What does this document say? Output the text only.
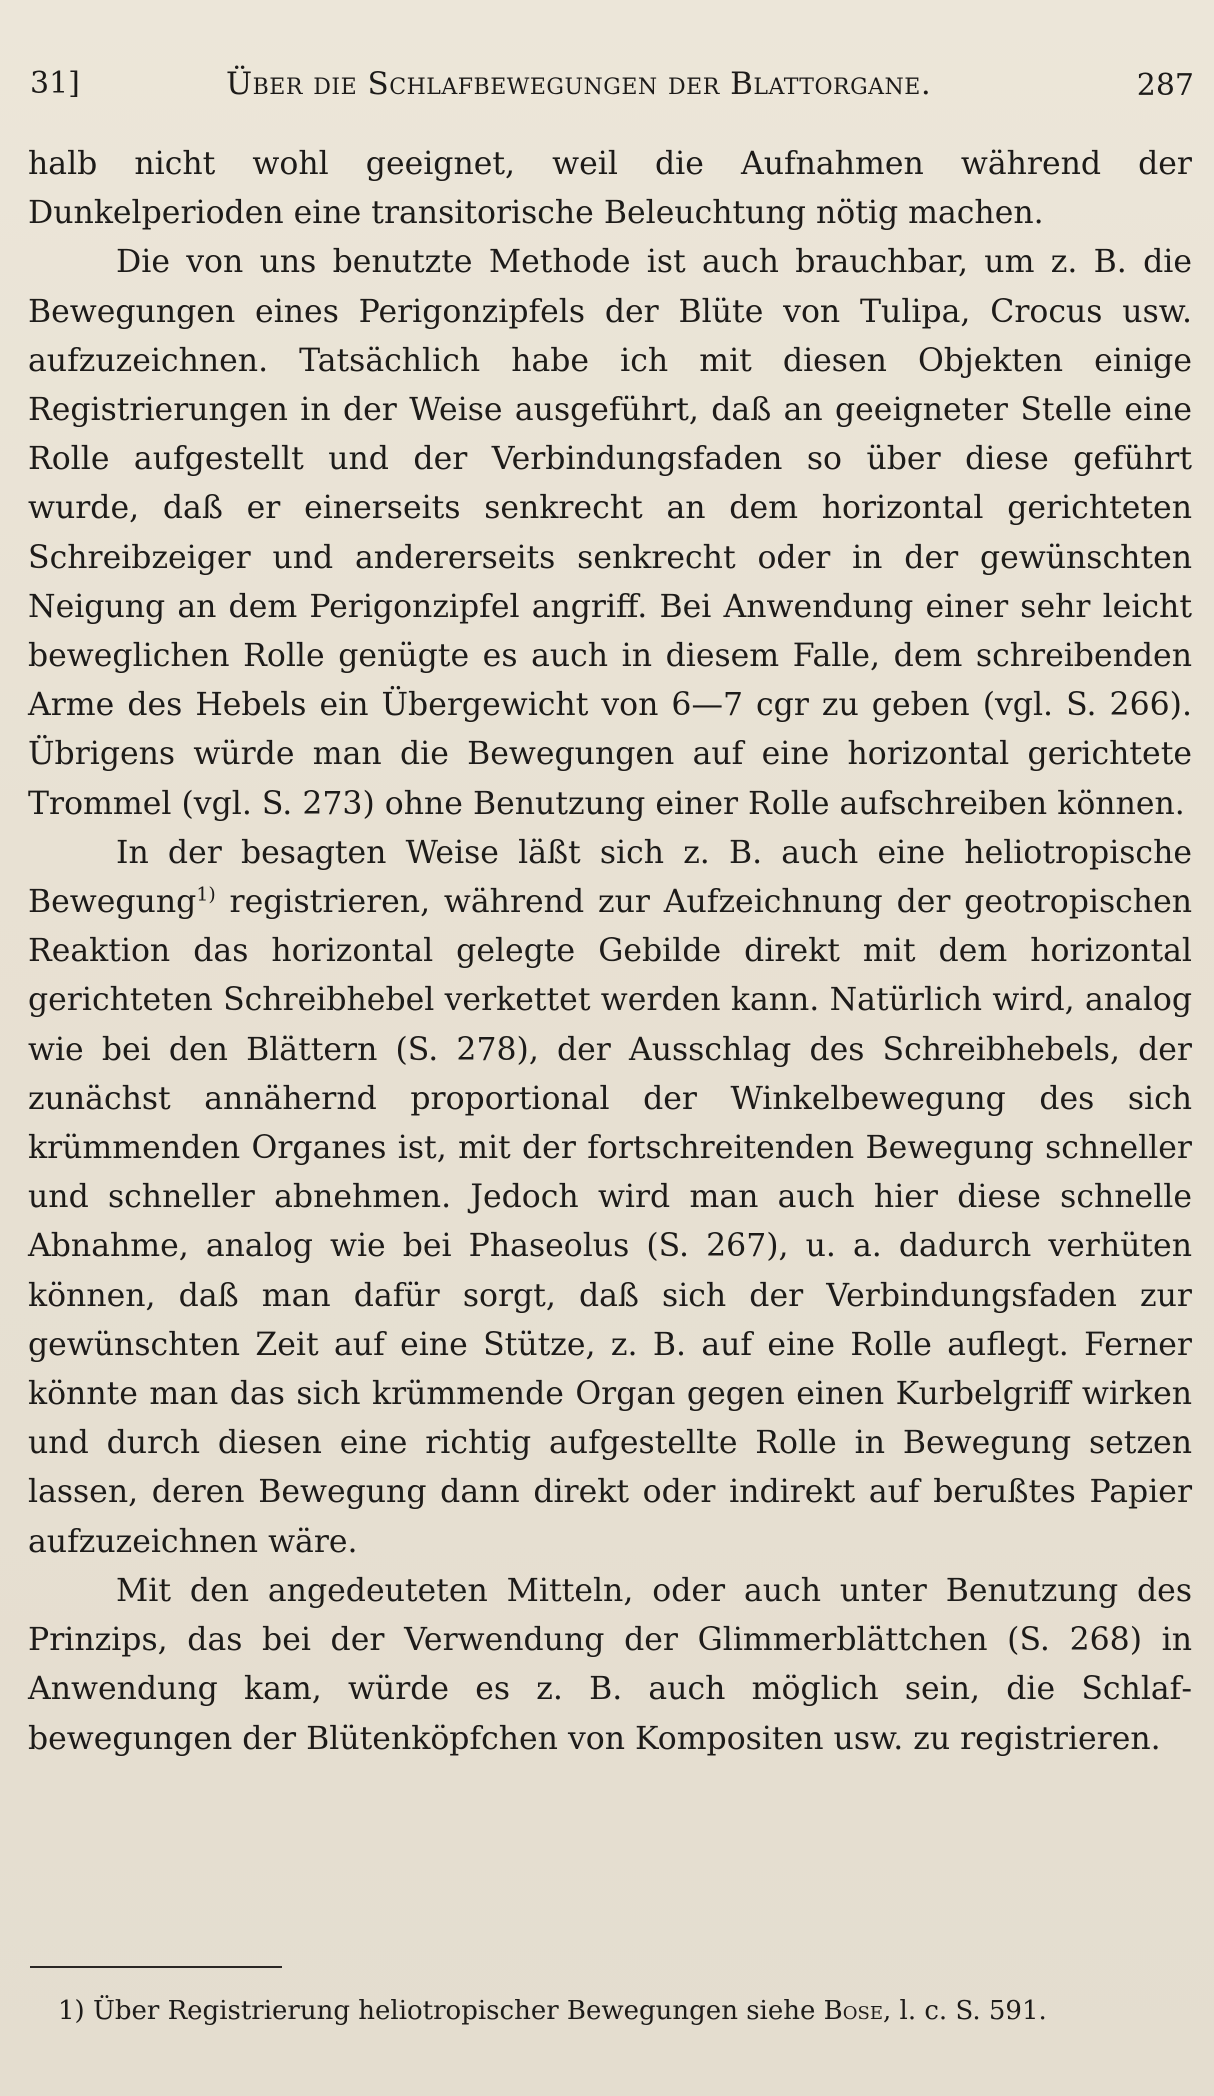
31]	Über die Schlafbewegungen der Blattorgane.	287

halb nicht wohl geeignet, weil die Aufnahmen während der Dunkelperioden eine transitorische Beleuchtung nötig machen.

Die von uns benutzte Methode ist auch brauchbar, um z. B. die Bewegungen eines Perigonzipfels der Blüte von Tulipa, Crocus usw. aufzuzeichnen. Tatsächlich habe ich mit diesen Objekten einige Registrierungen in der Weise ausgeführt, daß an geeigneter Stelle eine Rolle aufgestellt und der Verbindungsfaden so über diese geführt wurde, daß er einerseits senkrecht an dem horizontal gerichteten Schreibzeiger und andererseits senkrecht oder in der gewünschten Neigung an dem Perigonzipfel angriff. Bei Anwendung einer sehr leicht beweglichen Rolle genügte es auch in diesem Falle, dem schreibenden Arme des Hebels ein Übergewicht von 6—7 cgr zu geben (vgl. S. 266). Übrigens würde man die Bewegungen auf eine horizontal gerichtete Trommel (vgl. S. 273) ohne Benutzung einer Rolle aufschreiben können.

In der besagten Weise läßt sich z. B. auch eine heliotropische Bewegung$^{1)}$ registrieren, während zur Aufzeichnung der geotropischen Reaktion das horizontal gelegte Gebilde direkt mit dem horizontal gerichteten Schreibhebel verkettet werden kann. Natürlich wird, analog wie bei den Blättern (S. 278), der Ausschlag des Schreibhebels, der zunächst annähernd proportional der Winkelbewegung des sich krümmenden Organes ist, mit der fortschreitenden Bewegung schneller und schneller abnehmen. Jedoch wird man auch hier diese schnelle Abnahme, analog wie bei Phaseolus (S. 267), u. a. dadurch verhüten können, daß man dafür sorgt, daß sich der Verbindungsfaden zur gewünschten Zeit auf eine Stütze, z. B. auf eine Rolle auflegt. Ferner könnte man das sich krümmende Organ gegen einen Kurbelgriff wirken und durch diesen eine richtig aufgestellte Rolle in Bewegung setzen lassen, deren Bewegung dann direkt oder indirekt auf berußtes Papier aufzuzeichnen wäre.

Mit den angedeuteten Mitteln, oder auch unter Benutzung des Prinzips, das bei der Verwendung der Glimmerblättchen (S. 268) in Anwendung kam, würde es z. B. auch möglich sein, die Schlafbewegungen der Blütenköpfchen von Kompositen usw. zu registrieren.

1) Über Registrierung heliotropischer Bewegungen siehe Bose, l. c. S. 591.
